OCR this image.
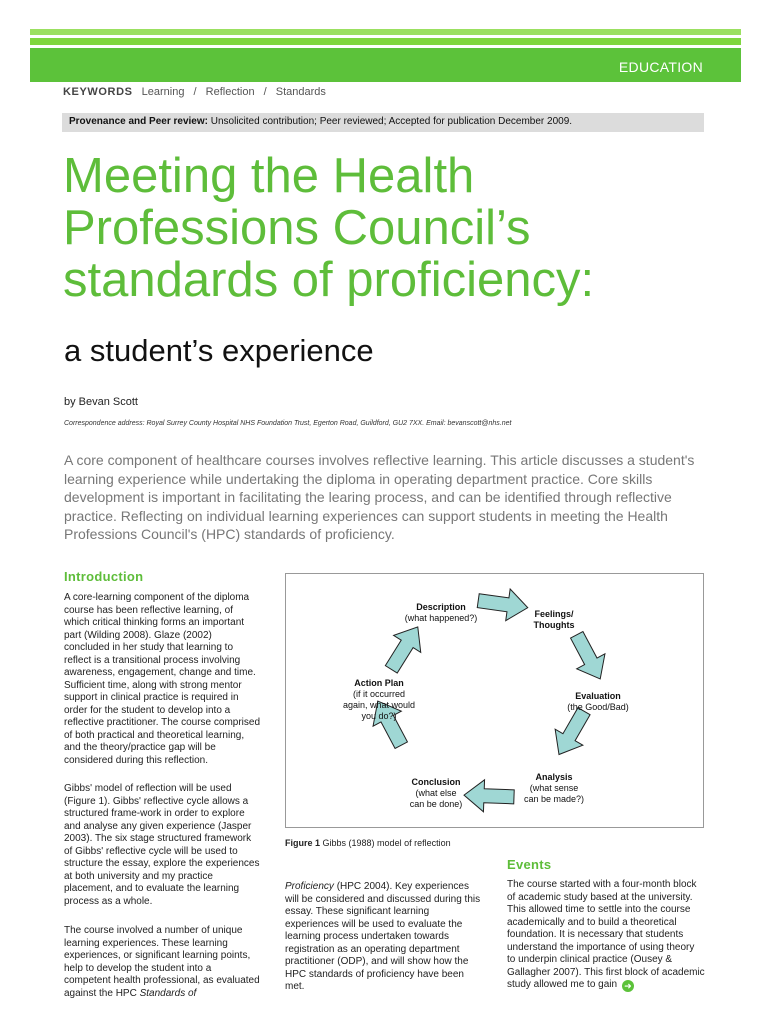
EDUCATION
KEYWORDS Learning / Reflection / Standards
Provenance and Peer review: Unsolicited contribution; Peer reviewed; Accepted for publication December 2009.
Meeting the Health
Professions Council’s
standards of proficiency:
a student’s experience
by Bevan Scott
Correspondence address: Royal Surrey County Hospital NHS Foundation Trust, Egerton Road, Guildford, GU2 7XX. Email: bevanscott@nhs.net
A core component of healthcare courses involves reflective learning. This article discusses a student's learning experience while undertaking the diploma in operating department practice. Core skills development is important in facilitating the learing process, and can be identified through reflective practice. Reflecting on individual learning experiences can support students in meeting the Health Professions Council's (HPC) standards of proficiency.
Introduction
A core-learning component of the diploma course has been reflective learning, of which critical thinking forms an important part (Wilding 2008). Glaze (2002) concluded in her study that learning to reflect is a transitional process involving awareness, engagement, change and time. Sufficient time, along with strong mentor support in clinical practice is required in order for the student to develop into a reflective practitioner. The course comprised of both practical and theoretical learning, and the theory/practice gap will be considered during this reflection.
Gibbs' model of reflection will be used (Figure 1). Gibbs' reflective cycle allows a structured frame-work in order to explore and analyse any given experience (Jasper 2003). The six stage structured framework of Gibbs' reflective cycle will be used to structure the essay, explore the experiences at both university and my practice placement, and to evaluate the learning process as a whole.
The course involved a number of unique learning experiences. These learning experiences, or significant learning points, help to develop the student into a competent health professional, as evaluated against the HPC Standards of
Description
(what happened?)	Feelings/
Thoughts
Evaluation
(the Good/Bad)
Analysis
(what sense
can be made?)
Conclusion
(what else
can be done)
Action Plan
(if it occurred
again, what would
you do?)
Figure 1 Gibbs (1988) model of reflection
Proficiency (HPC 2004). Key experiences will be considered and discussed during this essay. These significant learning experiences will be used to evaluate the learning process undertaken towards registration as an operating department practitioner (ODP), and will show how the HPC standards of proficiency have been met.
Events
The course started with a four-month block of academic study based at the university. This allowed time to settle into the course academically and to build a theoretical foundation. It is necessary that students understand the importance of using theory to underpin clinical practice (Ousey & Gallagher 2007). This first block of academic study allowed me to gain ➜
